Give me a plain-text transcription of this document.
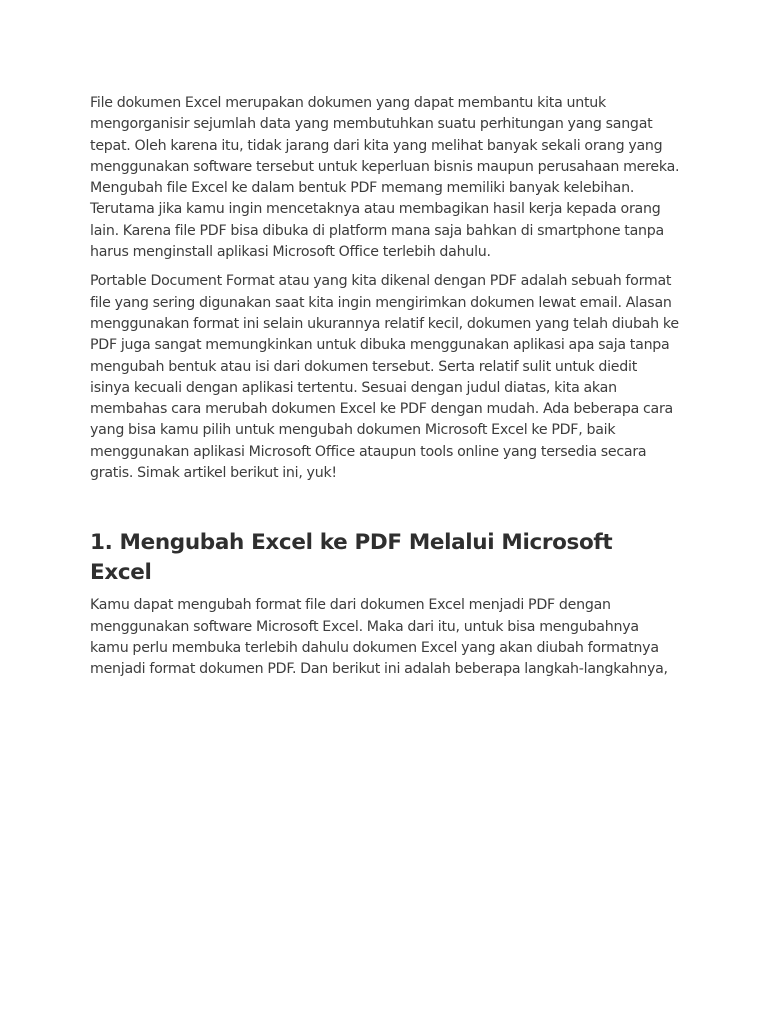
File dokumen Excel merupakan dokumen yang dapat membantu kita untuk mengorganisir sejumlah data yang membutuhkan suatu perhitungan yang sangat tepat. Oleh karena itu, tidak jarang dari kita yang melihat banyak sekali orang yang menggunakan software tersebut untuk keperluan bisnis maupun perusahaan mereka. Mengubah file Excel ke dalam bentuk PDF memang memiliki banyak kelebihan. Terutama jika kamu ingin mencetaknya atau membagikan hasil kerja kepada orang lain. Karena file PDF bisa dibuka di platform mana saja bahkan di smartphone tanpa harus menginstall aplikasi Microsoft Office terlebih dahulu.

Portable Document Format atau yang kita dikenal dengan PDF adalah sebuah format file yang sering digunakan saat kita ingin mengirimkan dokumen lewat email. Alasan menggunakan format ini selain ukurannya relatif kecil, dokumen yang telah diubah ke PDF juga sangat memungkinkan untuk dibuka menggunakan aplikasi apa saja tanpa mengubah bentuk atau isi dari dokumen tersebut. Serta relatif sulit untuk diedit isinya kecuali dengan aplikasi tertentu. Sesuai dengan judul diatas, kita akan membahas cara merubah dokumen Excel ke PDF dengan mudah. Ada beberapa cara yang bisa kamu pilih untuk mengubah dokumen Microsoft Excel ke PDF, baik menggunakan aplikasi Microsoft Office ataupun tools online yang tersedia secara gratis. Simak artikel berikut ini, yuk!

1. Mengubah Excel ke PDF Melalui Microsoft Excel

Kamu dapat mengubah format file dari dokumen Excel menjadi PDF dengan menggunakan software Microsoft Excel. Maka dari itu, untuk bisa mengubahnya kamu perlu membuka terlebih dahulu dokumen Excel yang akan diubah formatnya menjadi format dokumen PDF. Dan berikut ini adalah beberapa langkah-langkahnya,
